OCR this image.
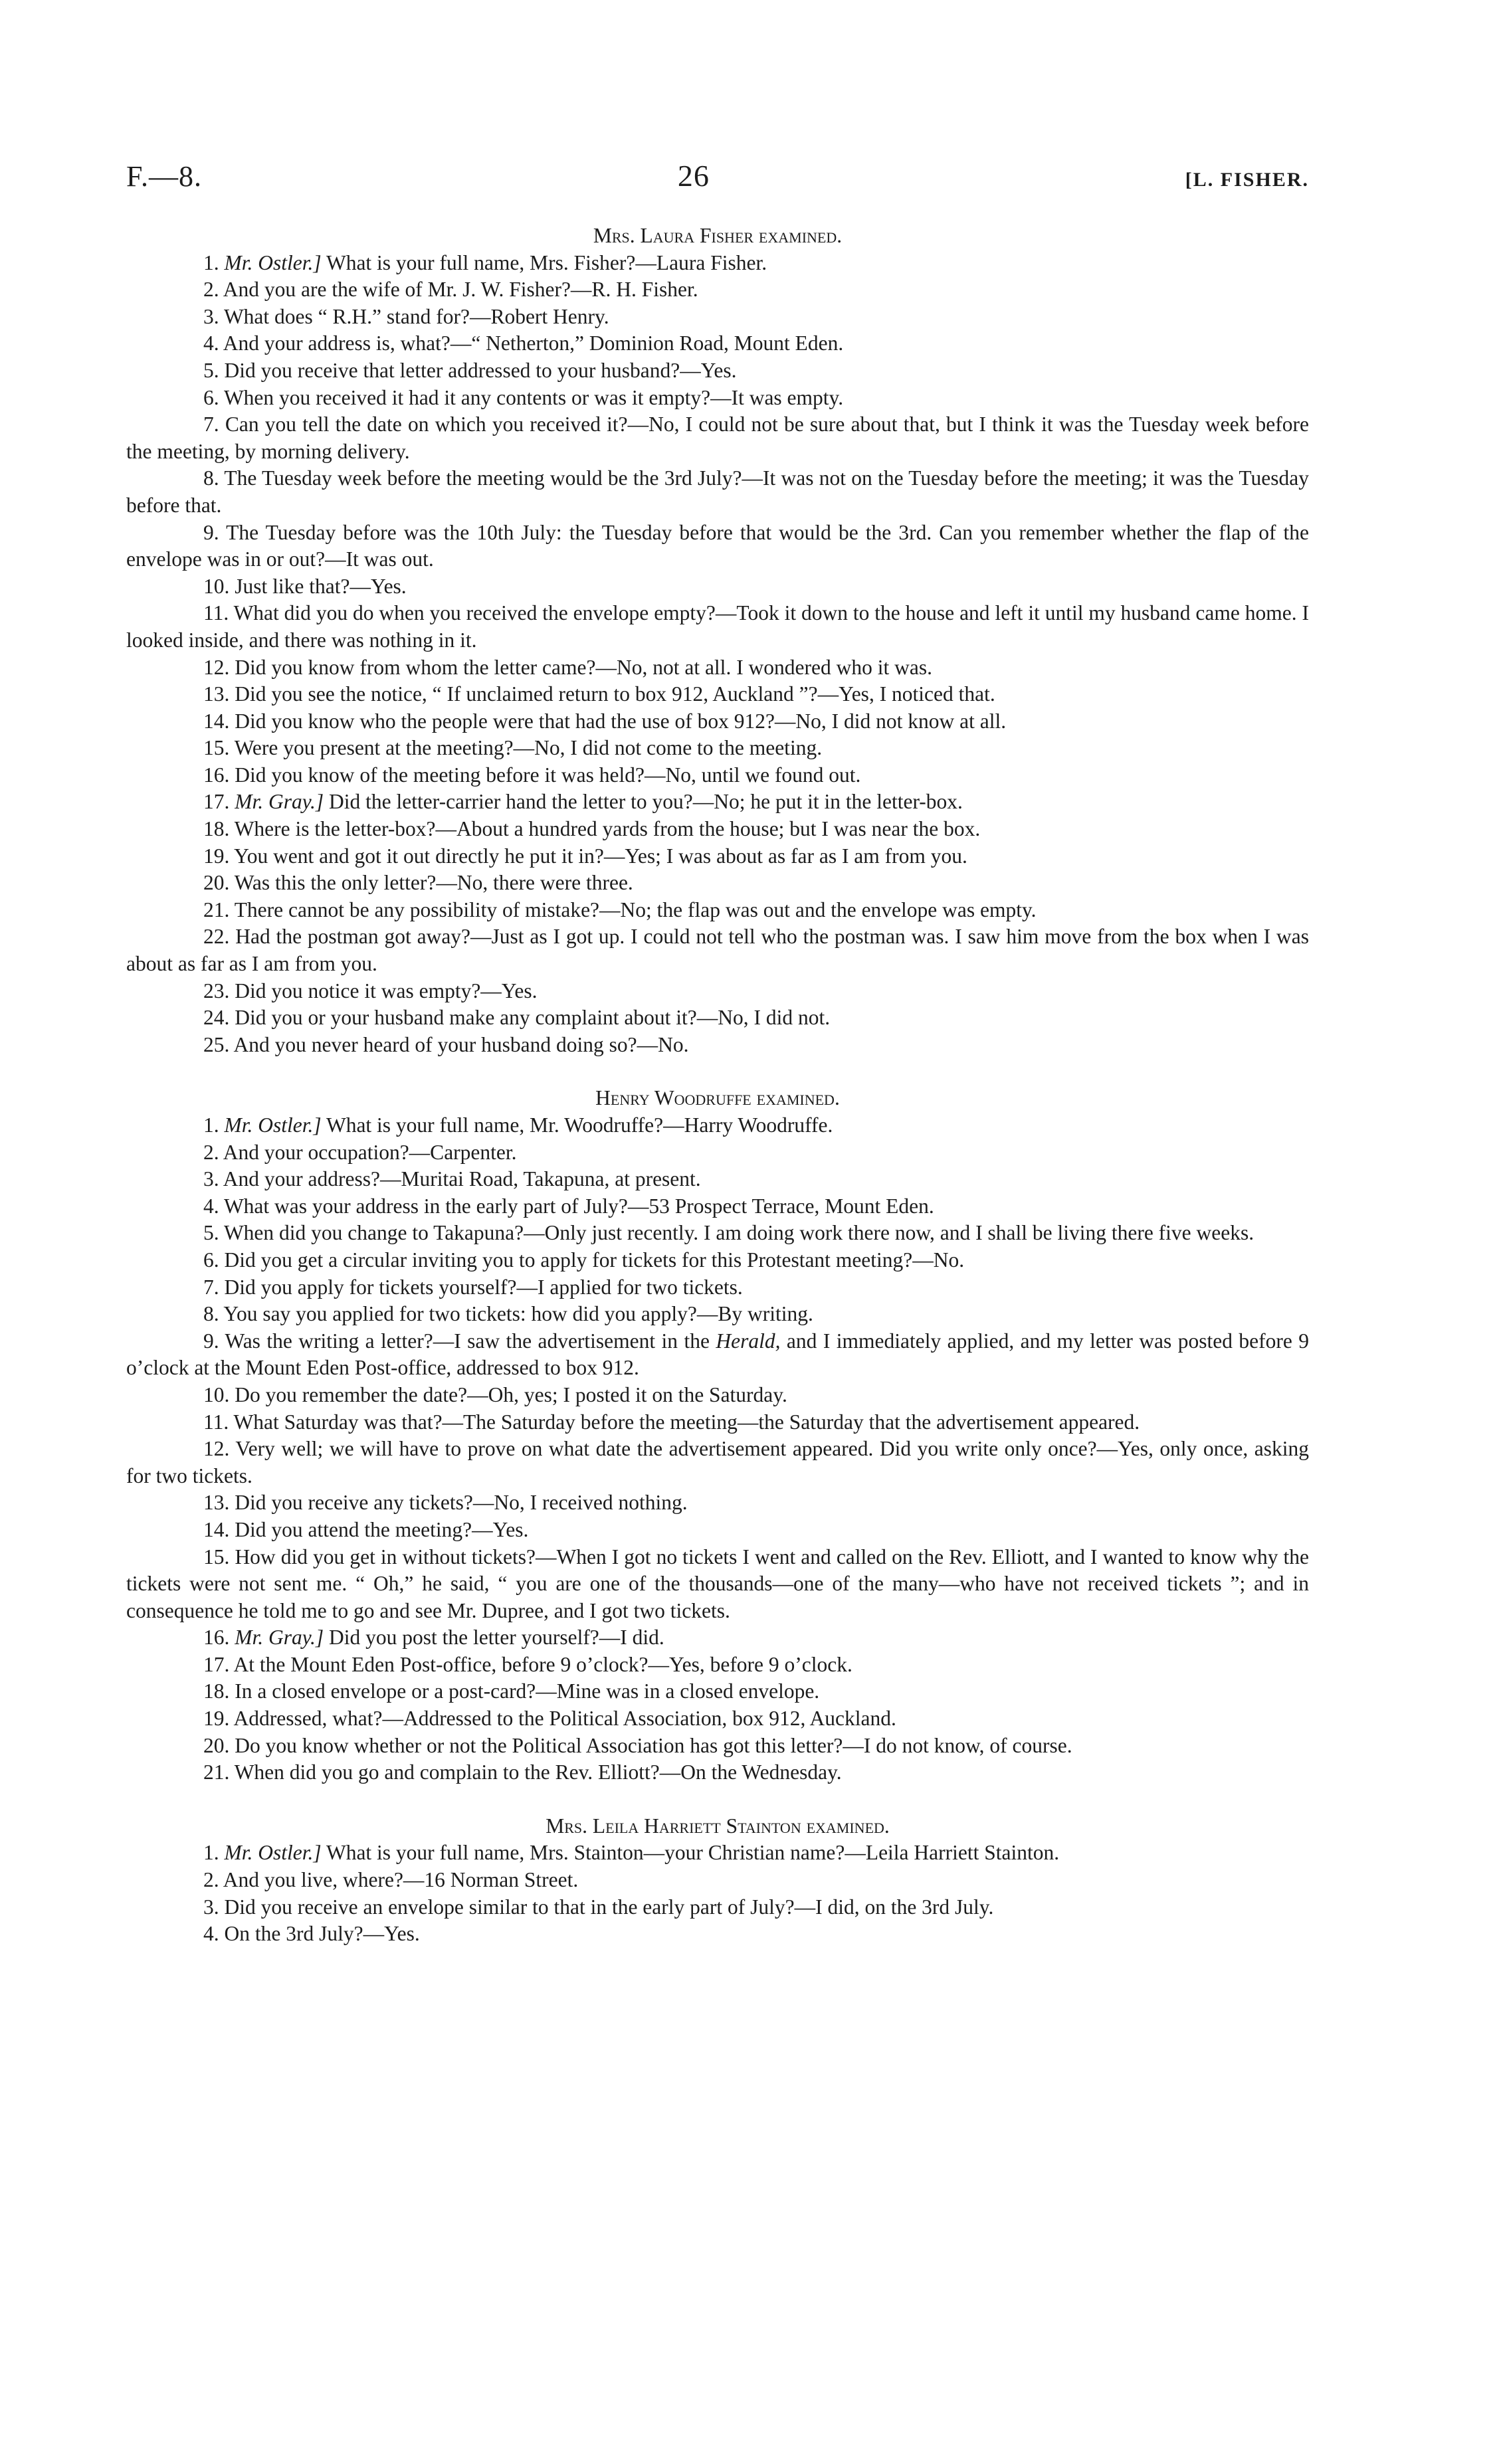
F.—8.	26	[L. FISHER.

Mrs. Laura Fisher examined.

1. Mr. Ostler.] What is your full name, Mrs. Fisher?—Laura Fisher.

2. And you are the wife of Mr. J. W. Fisher?—R. H. Fisher.

3. What does “ R.H.” stand for?—Robert Henry.

4. And your address is, what?—“ Netherton,” Dominion Road, Mount Eden.

5. Did you receive that letter addressed to your husband?—Yes.

6. When you received it had it any contents or was it empty?—It was empty.

7. Can you tell the date on which you received it?—No, I could not be sure about that, but I think it was the Tuesday week before the meeting, by morning delivery.

8. The Tuesday week before the meeting would be the 3rd July?—It was not on the Tuesday before the meeting; it was the Tuesday before that.

9. The Tuesday before was the 10th July: the Tuesday before that would be the 3rd. Can you remember whether the flap of the envelope was in or out?—It was out.

10. Just like that?—Yes.

11. What did you do when you received the envelope empty?—Took it down to the house and left it until my husband came home. I looked inside, and there was nothing in it.

12. Did you know from whom the letter came?—No, not at all. I wondered who it was.

13. Did you see the notice, “ If unclaimed return to box 912, Auckland ”?—Yes, I noticed that.

14. Did you know who the people were that had the use of box 912?—No, I did not know at all.

15. Were you present at the meeting?—No, I did not come to the meeting.

16. Did you know of the meeting before it was held?—No, until we found out.

17. Mr. Gray.] Did the letter-carrier hand the letter to you?—No; he put it in the letter-box.

18. Where is the letter-box?—About a hundred yards from the house; but I was near the box.

19. You went and got it out directly he put it in?—Yes; I was about as far as I am from you.

20. Was this the only letter?—No, there were three.

21. There cannot be any possibility of mistake?—No; the flap was out and the envelope was empty.

22. Had the postman got away?—Just as I got up. I could not tell who the postman was. I saw him move from the box when I was about as far as I am from you.

23. Did you notice it was empty?—Yes.

24. Did you or your husband make any complaint about it?—No, I did not.

25. And you never heard of your husband doing so?—No.

Henry Woodruffe examined.

1. Mr. Ostler.] What is your full name, Mr. Woodruffe?—Harry Woodruffe.

2. And your occupation?—Carpenter.

3. And your address?—Muritai Road, Takapuna, at present.

4. What was your address in the early part of July?—53 Prospect Terrace, Mount Eden.

5. When did you change to Takapuna?—Only just recently. I am doing work there now, and I shall be living there five weeks.

6. Did you get a circular inviting you to apply for tickets for this Protestant meeting?—No.

7. Did you apply for tickets yourself?—I applied for two tickets.

8. You say you applied for two tickets: how did you apply?—By writing.

9. Was the writing a letter?—I saw the advertisement in the Herald, and I immediately applied, and my letter was posted before 9 o’clock at the Mount Eden Post-office, addressed to box 912.

10. Do you remember the date?—Oh, yes; I posted it on the Saturday.

11. What Saturday was that?—The Saturday before the meeting—the Saturday that the advertisement appeared.

12. Very well; we will have to prove on what date the advertisement appeared. Did you write only once?—Yes, only once, asking for two tickets.

13. Did you receive any tickets?—No, I received nothing.

14. Did you attend the meeting?—Yes.

15. How did you get in without tickets?—When I got no tickets I went and called on the Rev. Elliott, and I wanted to know why the tickets were not sent me. “ Oh,” he said, “ you are one of the thousands—one of the many—who have not received tickets ”; and in consequence he told me to go and see Mr. Dupree, and I got two tickets.

16. Mr. Gray.] Did you post the letter yourself?—I did.

17. At the Mount Eden Post-office, before 9 o’clock?—Yes, before 9 o’clock.

18. In a closed envelope or a post-card?—Mine was in a closed envelope.

19. Addressed, what?—Addressed to the Political Association, box 912, Auckland.

20. Do you know whether or not the Political Association has got this letter?—I do not know, of course.

21. When did you go and complain to the Rev. Elliott?—On the Wednesday.

Mrs. Leila Harriett Stainton examined.

1. Mr. Ostler.] What is your full name, Mrs. Stainton—your Christian name?—Leila Harriett Stainton.

2. And you live, where?—16 Norman Street.

3. Did you receive an envelope similar to that in the early part of July?—I did, on the 3rd July.

4. On the 3rd July?—Yes.
